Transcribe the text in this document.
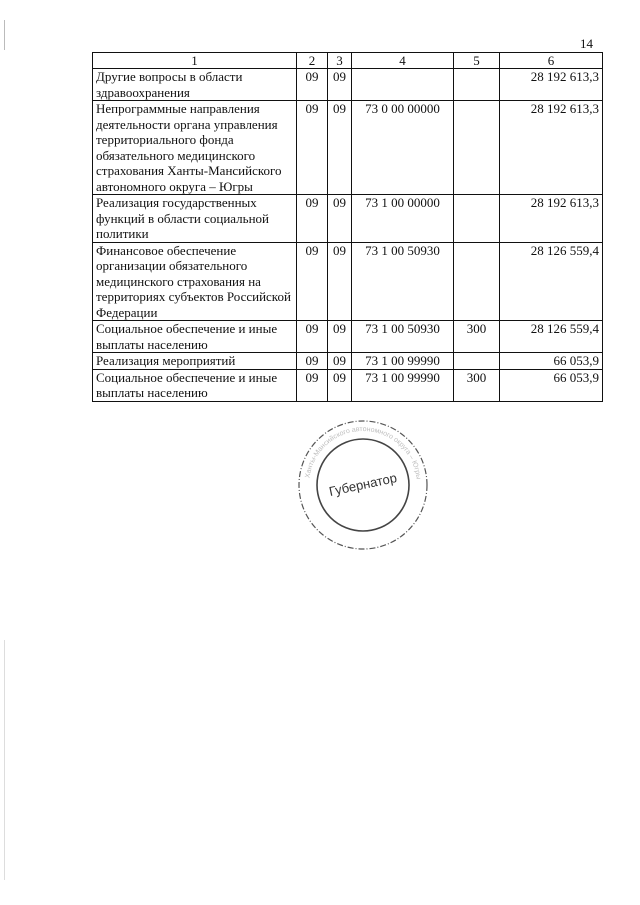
14
1	2	3	4	5	6
Другие вопросы в области здравоохранения	09	09			28 192 613,3
Непрограммные направления деятельности органа управления территориального фонда обязательного медицинского страхования Ханты-Мансийского автономного округа – Югры	09	09	73 0 00 00000		28 192 613,3
Реализация государственных функций в области социальной политики	09	09	73 1 00 00000		28 192 613,3
Финансовое обеспечение организации обязательного медицинского страхования на территориях субъектов Российской Федерации	09	09	73 1 00 50930		28 126 559,4
Социальное обеспечение и иные выплаты населению	09	09	73 1 00 50930	300	28 126 559,4
Реализация мероприятий	09	09	73 1 00 99990		66 053,9
Социальное обеспечение и иные выплаты населению	09	09	73 1 00 99990	300	66 053,9
Ханты-Мансийского автономного округа – Югры
Губернатор
